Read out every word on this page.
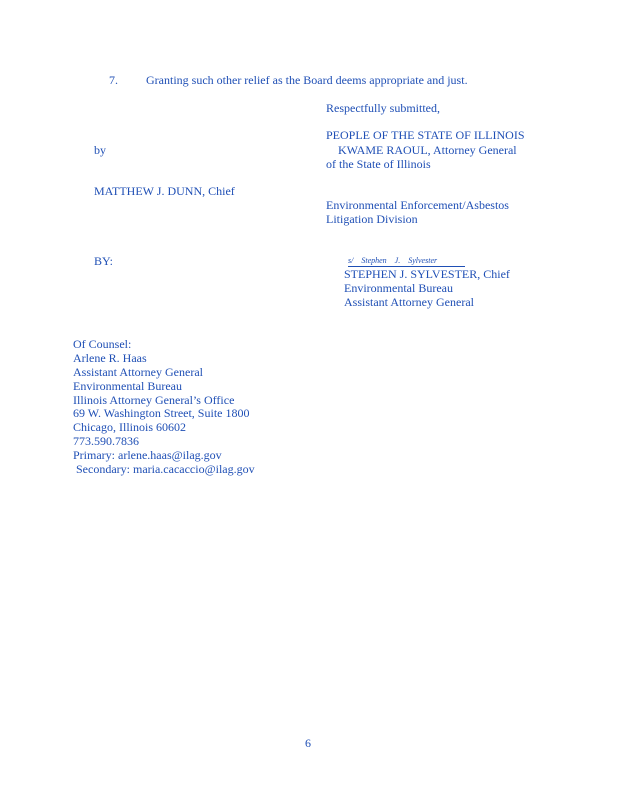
7. Granting such other relief as the Board deems appropriate and just.
Respectfully submitted,
PEOPLE OF THE STATE OF ILLINOIS
by	KWAME RAOUL, Attorney General
of the State of Illinois
MATTHEW J. DUNN, Chief
Environmental Enforcement/Asbestos
Litigation Division
BY:	s/ Stephen J. Sylvester
STEPHEN J. SYLVESTER, Chief
Environmental Bureau
Assistant Attorney General
Of Counsel:
Arlene R. Haas
Assistant Attorney General
Environmental Bureau
Illinois Attorney General’s Office
69 W. Washington Street, Suite 1800
Chicago, Illinois 60602
773.590.7836
Primary: arlene.haas@ilag.gov
Secondary: maria.cacaccio@ilag.gov
6
